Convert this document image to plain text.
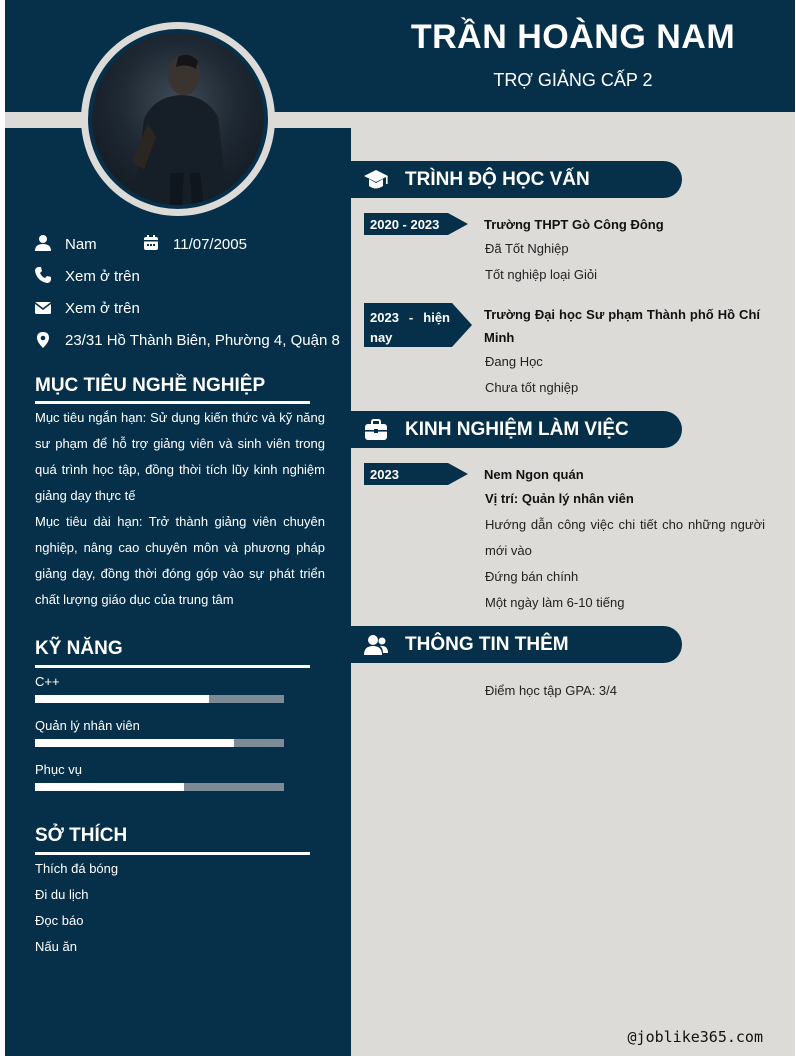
TRẦN HOÀNG NAM
TRỢ GIẢNG CẤP 2
Nam	11/07/2005
Xem ở trên
Xem ở trên
23/31 Hồ Thành Biên, Phường 4, Quận 8
MỤC TIÊU NGHỀ NGHIỆP
Mục tiêu ngắn hạn: Sử dụng kiến thức và kỹ năng sư phạm để hỗ trợ giảng viên và sinh viên trong quá trình học tập, đồng thời tích lũy kinh nghiệm giảng dạy thực tế
Mục tiêu dài hạn: Trở thành giảng viên chuyên nghiệp, nâng cao chuyên môn và phương pháp giảng dạy, đồng thời đóng góp vào sự phát triển chất lượng giáo dục của trung tâm
KỸ NĂNG
C++
Quản lý nhân viên
Phục vụ
SỞ THÍCH
Thích đá bóng
Đi du lịch
Đọc báo
Nấu ăn
TRÌNH ĐỘ HỌC VẤN
2020 - 2023	Trường THPT Gò Công Đông
Đã Tốt Nghiệp
Tốt nghiệp loại Giỏi
2023 - hiện
nay
Trường Đại học Sư phạm Thành phố Hồ Chí Minh
Đang Học
Chưa tốt nghiệp
KINH NGHIỆM LÀM VIỆC
2023	Nem Ngon quán
Vị trí: Quản lý nhân viên
Hướng dẫn công việc chi tiết cho những người mới vào
Đứng bán chính
Một ngày làm 6-10 tiếng
THÔNG TIN THÊM
Điểm học tập GPA: 3/4
@joblike365.com
